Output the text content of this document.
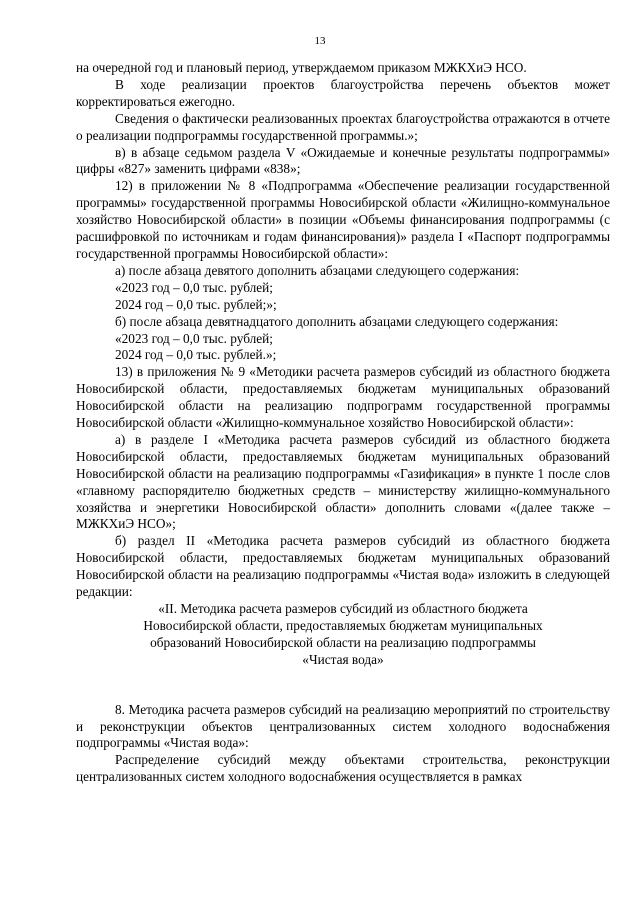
13

на очередной год и плановый период, утверждаемом приказом МЖКХиЭ НСО.

В ходе реализации проектов благоустройства перечень объектов может корректироваться ежегодно.

Сведения о фактически реализованных проектах благоустройства отражаются в отчете о реализации подпрограммы государственной программы.»;

в) в абзаце седьмом раздела V «Ожидаемые и конечные результаты подпрограммы» цифры «827» заменить цифрами «838»;

12) в приложении № 8 «Подпрограмма «Обеспечение реализации государственной программы» государственной программы Новосибирской области «Жилищно-коммунальное хозяйство Новосибирской области» в позиции «Объемы финансирования подпрограммы (с расшифровкой по источникам и годам финансирования)» раздела I «Паспорт подпрограммы государственной программы Новосибирской области»:

а) после абзаца девятого дополнить абзацами следующего содержания:

«2023 год – 0,0 тыс. рублей;

2024 год – 0,0 тыс. рублей;»;

б) после абзаца девятнадцатого дополнить абзацами следующего содержания:

«2023 год – 0,0 тыс. рублей;

2024 год – 0,0 тыс. рублей.»;

13) в приложения № 9 «Методики расчета размеров субсидий из областного бюджета Новосибирской области, предоставляемых бюджетам муниципальных образований Новосибирской области на реализацию подпрограмм государственной программы Новосибирской области «Жилищно-коммунальное хозяйство Новосибирской области»:

а) в разделе I «Методика расчета размеров субсидий из областного бюджета Новосибирской области, предоставляемых бюджетам муниципальных образований Новосибирской области на реализацию подпрограммы «Газификация» в пункте 1 после слов «главному распорядителю бюджетных средств – министерству жилищно-коммунального хозяйства и энергетики Новосибирской области» дополнить словами «(далее также – МЖКХиЭ НСО»;

б) раздел II «Методика расчета размеров субсидий из областного бюджета Новосибирской области, предоставляемых бюджетам муниципальных образований Новосибирской области на реализацию подпрограммы «Чистая вода» изложить в следующей редакции:

«II. Методика расчета размеров субсидий из областного бюджета

Новосибирской области, предоставляемых бюджетам муниципальных

образований Новосибирской области на реализацию подпрограммы

«Чистая вода»

8. Методика расчета размеров субсидий на реализацию мероприятий по строительству и реконструкции объектов централизованных систем холодного водоснабжения подпрограммы «Чистая вода»:

Распределение субсидий между объектами строительства, реконструкции централизованных систем холодного водоснабжения осуществляется в рамках
